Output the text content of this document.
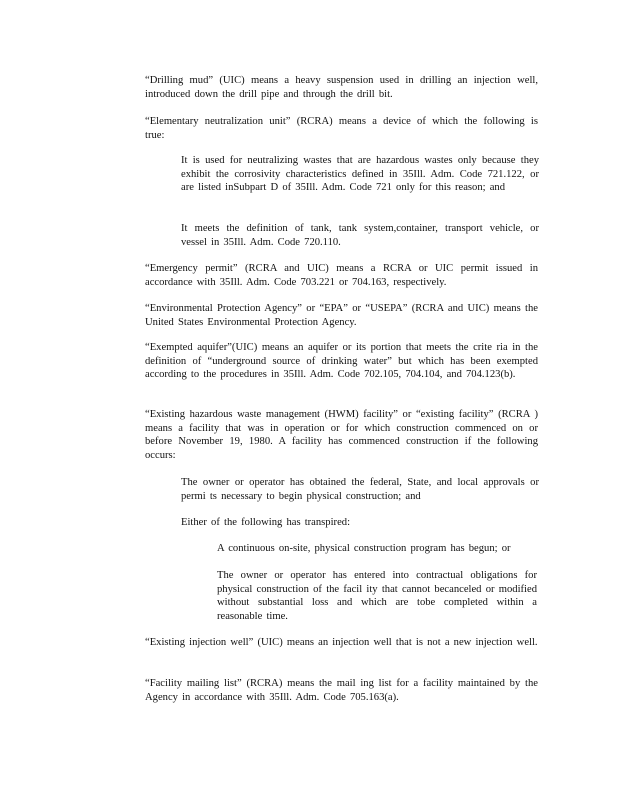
“Drilling mud” (UIC) means a heavy suspension used in drilling an injection well, introduced down the drill pipe and through the drill bit.

“Elementary neutralization unit” (RCRA) means a device of which the following is true:

It is used for neutralizing wastes that are hazardous wastes only because they exhibit the corrosivity characteristics defined in 35Ill. Adm. Code 721.122, or are listed inSubpart D of 35Ill. Adm. Code 721 only for this reason; and

It meets the definition of tank, tank system,container, transport vehicle, or vessel in 35Ill. Adm. Code 720.110.

“Emergency permit” (RCRA and UIC) means a RCRA or UIC permit issued in accordance with 35Ill. Adm. Code 703.221 or 704.163, respectively.

“Environmental Protection Agency” or “EPA” or “USEPA” (RCRA and UIC) means the United States Environmental Protection Agency.

“Exempted aquifer”(UIC) means an aquifer or its portion that meets the crite ria in the definition of “underground source of drinking water” but which has been exempted according to the procedures in 35Ill. Adm. Code 702.105, 704.104, and 704.123(b).

“Existing hazardous waste management (HWM) facility” or “existing facility” (RCRA ) means a facility that was in operation or for which construction commenced on or before November 19, 1980. A facility has commenced construction if the following occurs:

The owner or operator has obtained the federal, State, and local approvals or permi ts necessary to begin physical construction; and

Either of the following has transpired:

A continuous on-site, physical construction program has begun; or

The owner or operator has entered into contractual obligations for physical construction of the facil ity that cannot becanceled or modified without substantial loss and which are tobe completed within a reasonable time.

“Existing injection well” (UIC) means an injection well that is not a new injection well.

“Facility mailing list” (RCRA) means the mail ing list for a facility maintained by the Agency in accordance with 35Ill. Adm. Code 705.163(a).
